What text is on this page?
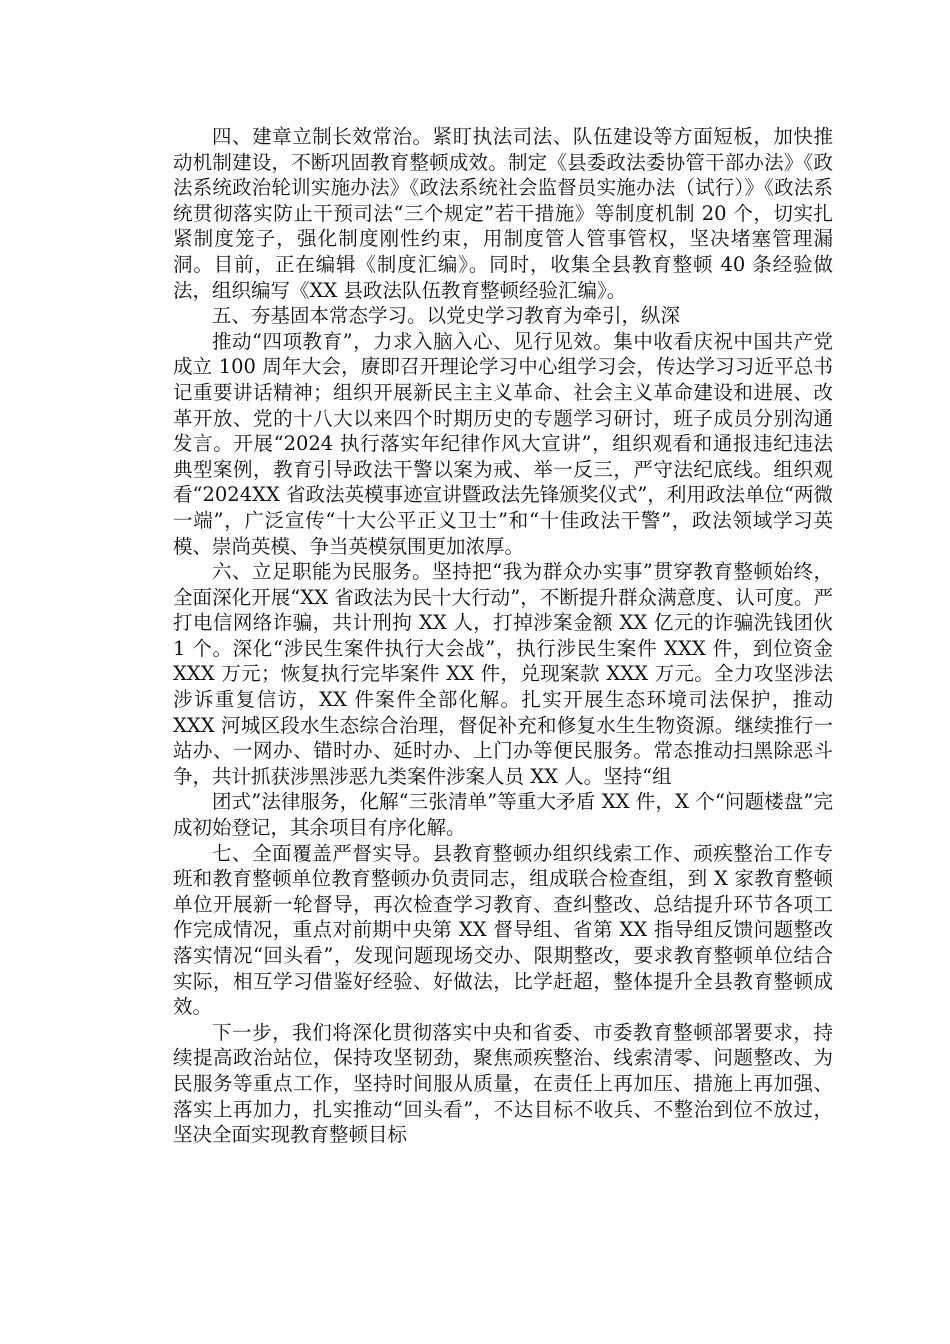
四、建章立制长效常治。紧盯执法司法、队伍建设等方面短板，加快推动机制建设，不断巩固教育整顿成效。制定《县委政法委协管干部办法》《政法系统政治轮训实施办法》《政法系统社会监督员实施办法（试行）》《政法系统贯彻落实防止干预司法“三个规定”若干措施》等制度机制 20 个，切实扎紧制度笼子，强化制度刚性约束，用制度管人管事管权，坚决堵塞管理漏洞。目前，正在编辑《制度汇编》。同时，收集全县教育整顿 40 条经验做法，组织编写《XX 县政法队伍教育整顿经验汇编》。

五、夯基固本常态学习。以党史学习教育为牵引，纵深

推动“四项教育”，力求入脑入心、见行见效。集中收看庆祝中国共产党成立 100 周年大会，赓即召开理论学习中心组学习会，传达学习习近平总书记重要讲话精神；组织开展新民主主义革命、社会主义革命建设和进展、改革开放、党的十八大以来四个时期历史的专题学习研讨，班子成员分别沟通发言。开展“2024 执行落实年纪律作风大宣讲”，组织观看和通报违纪违法典型案例，教育引导政法干警以案为戒、举一反三，严守法纪底线。组织观看“2024XX 省政法英模事迹宣讲暨政法先锋颁奖仪式”，利用政法单位“两微一端”，广泛宣传“十大公平正义卫士”和“十佳政法干警”，政法领域学习英模、崇尚英模、争当英模氛围更加浓厚。

六、立足职能为民服务。坚持把“我为群众办实事”贯穿教育整顿始终，全面深化开展“XX 省政法为民十大行动”，不断提升群众满意度、认可度。严打电信网络诈骗，共计刑拘 XX 人，打掉涉案金额 XX 亿元的诈骗洗钱团伙 1 个。深化“涉民生案件执行大会战”，执行涉民生案件 XXX 件，到位资金 XXX 万元；恢复执行完毕案件 XX 件，兑现案款 XXX 万元。全力攻坚涉法涉诉重复信访，XX 件案件全部化解。扎实开展生态环境司法保护，推动 XXX 河城区段水生态综合治理，督促补充和修复水生生物资源。继续推行一站办、一网办、错时办、延时办、上门办等便民服务。常态推动扫黑除恶斗争，共计抓获涉黑涉恶九类案件涉案人员 XX 人。坚持“组

团式”法律服务，化解“三张清单”等重大矛盾 XX 件，X 个“问题楼盘”完成初始登记，其余项目有序化解。

七、全面覆盖严督实导。县教育整顿办组织线索工作、顽疾整治工作专班和教育整顿单位教育整顿办负责同志，组成联合检查组，到 X 家教育整顿单位开展新一轮督导，再次检查学习教育、查纠整改、总结提升环节各项工作完成情况，重点对前期中央第 XX 督导组、省第 XX 指导组反馈问题整改落实情况“回头看”，发现问题现场交办、限期整改，要求教育整顿单位结合实际，相互学习借鉴好经验、好做法，比学赶超，整体提升全县教育整顿成效。

下一步，我们将深化贯彻落实中央和省委、市委教育整顿部署要求，持续提高政治站位，保持攻坚韧劲，聚焦顽疾整治、线索清零、问题整改、为民服务等重点工作，坚持时间服从质量，在责任上再加压、措施上再加强、落实上再加力，扎实推动“回头看”，不达目标不收兵、不整治到位不放过，坚决全面实现教育整顿目标
